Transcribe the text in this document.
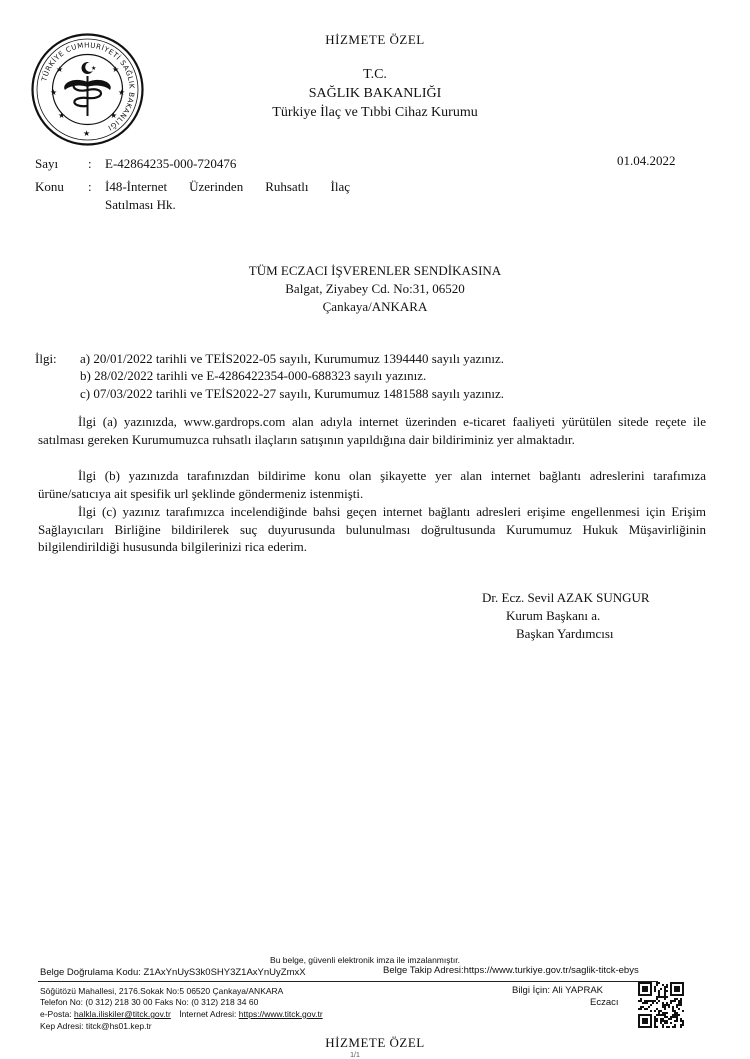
HİZMETE ÖZEL
TÜRKİYE CUMHURİYETİ SAĞLIK BAKANLIĞI
★
★	★
★	★
★	★
★
T.C.
SAĞLIK BAKANLIĞI
Türkiye İlaç ve Tıbbi Cihaz Kurumu
Sayı : E-42864235-000-720476	01.04.2022
Konu : İ48-İnternet Üzerinden Ruhsatlı İlaç
Satılması Hk.
TÜM ECZACI İŞVERENLER SENDİKASINA
Balgat, Ziyabey Cd. No:31, 06520
Çankaya/ANKARA
İlgi: a) 20/01/2022 tarihli ve TEİS2022-05 sayılı, Kurumumuz 1394440 sayılı yazınız.
b) 28/02/2022 tarihli ve E-4286422354-000-688323 sayılı yazınız.
c) 07/03/2022 tarihli ve TEİS2022-27 sayılı, Kurumumuz 1481588 sayılı yazınız.
İlgi (a) yazınızda, www.gardrops.com alan adıyla internet üzerinden e-ticaret faaliyeti yürütülen sitede reçete ile satılması gereken Kurumumuzca ruhsatlı ilaçların satışının yapıldığına dair bildiriminiz yer almaktadır.
İlgi (b) yazınızda tarafınızdan bildirime konu olan şikayette yer alan internet bağlantı adreslerini tarafımıza ürüne/satıcıya ait spesifik url şeklinde göndermeniz istenmişti.
İlgi (c) yazınız tarafımızca incelendiğinde bahsi geçen internet bağlantı adresleri erişime engellenmesi için Erişim Sağlayıcıları Birliğine bildirilerek suç duyurusunda bulunulması doğrultusunda Kurumumuz Hukuk Müşavirliğinin bilgilendirildiği hususunda bilgilerinizi rica ederim.
Dr. Ecz. Sevil AZAK SUNGUR
Kurum Başkanı a.
Başkan Yardımcısı
Bu belge, güvenli elektronik imza ile imzalanmıştır.
Belge Doğrulama Kodu: Z1AxYnUyS3k0SHY3Z1AxYnUyZmxX	Belge Takip Adresi:https://www.turkiye.gov.tr/saglik-titck-ebys
Söğütözü Mahallesi, 2176.Sokak No:5 06520 Çankaya/ANKARA
Telefon No: (0 312) 218 30 00 Faks No: (0 312) 218 34 60
e-Posta: halkla.iliskiler@titck.gov.tr İnternet Adresi: https://www.titck.gov.tr
Kep Adresi: titck@hs01.kep.tr
Bilgi İçin: Ali YAPRAK
Eczacı
HİZMETE ÖZEL
1/1
